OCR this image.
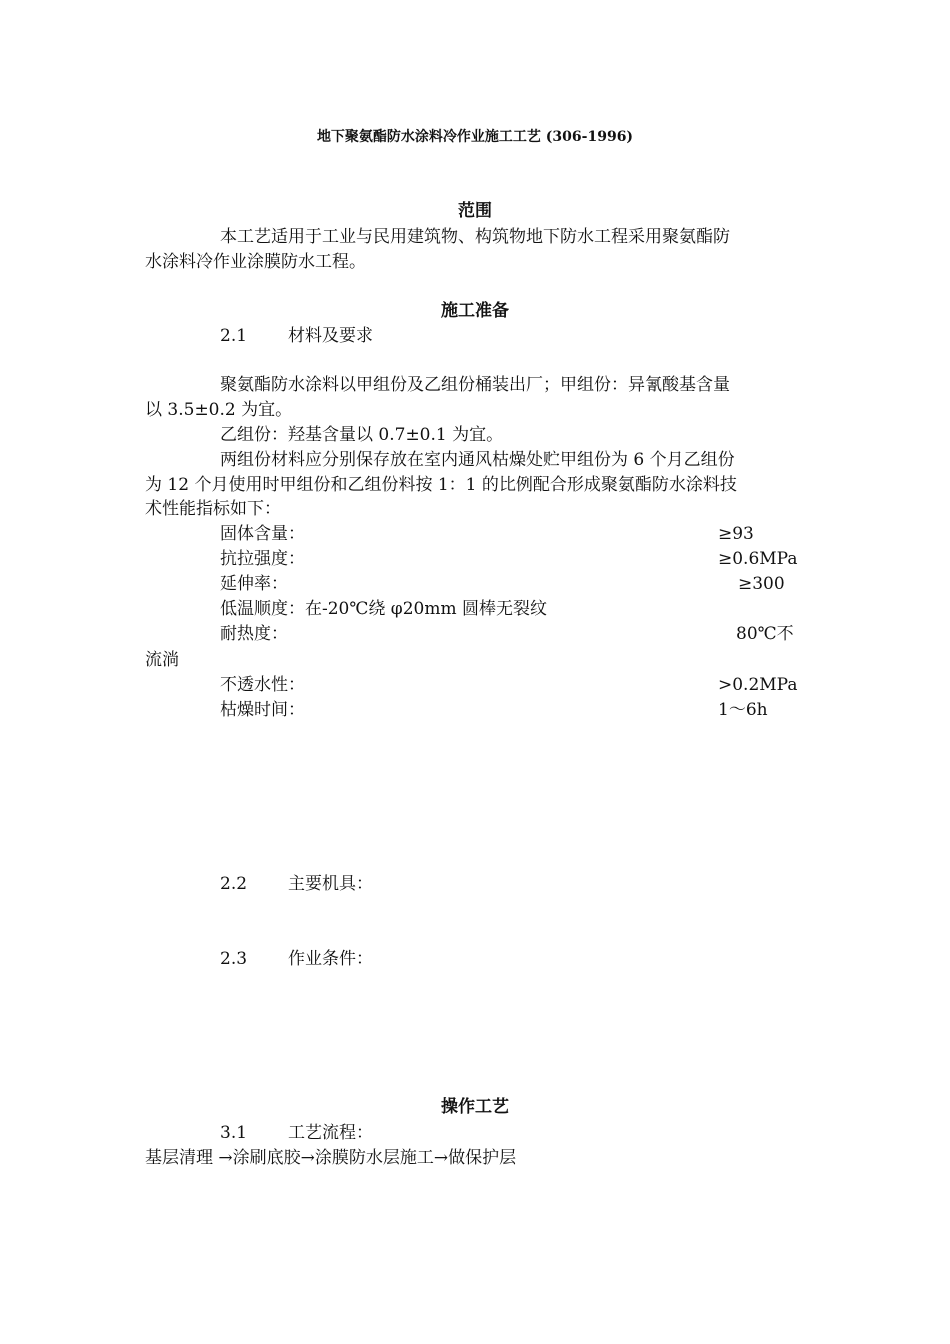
地下聚氨酯防水涂料冷作业施工工艺 (306-1996)
范围
本工艺适用于工业与民用建筑物、构筑物地下防水工程采用聚氨酯防
水涂料冷作业涂膜防水工程。
施工准备
2.1 材料及要求
聚氨酯防水涂料以甲组份及乙组份桶装出厂；甲组份：异氰酸基含量
以 3.5±0.2 为宜。
乙组份：羟基含量以 0.7±0.1 为宜。
两组份材料应分别保存放在室内通风枯燥处贮甲组份为 6 个月乙组份
为 12 个月使用时甲组份和乙组份料按 1：1 的比例配合形成聚氨酯防水涂料技
术性能指标如下：
固体含量：	≥93
抗拉强度：	≥0.6MPa
延伸率：	≥300
低温顺度：在-20℃绕 φ20mm 圆棒无裂纹
耐热度：	80℃不
流淌
不透水性：	>0.2MPa
枯燥时间：	1～6h
2.2 主要机具：
2.3 作业条件：
操作工艺
3.1 工艺流程：
基层清理 →涂刷底胶→涂膜防水层施工→做保护层
